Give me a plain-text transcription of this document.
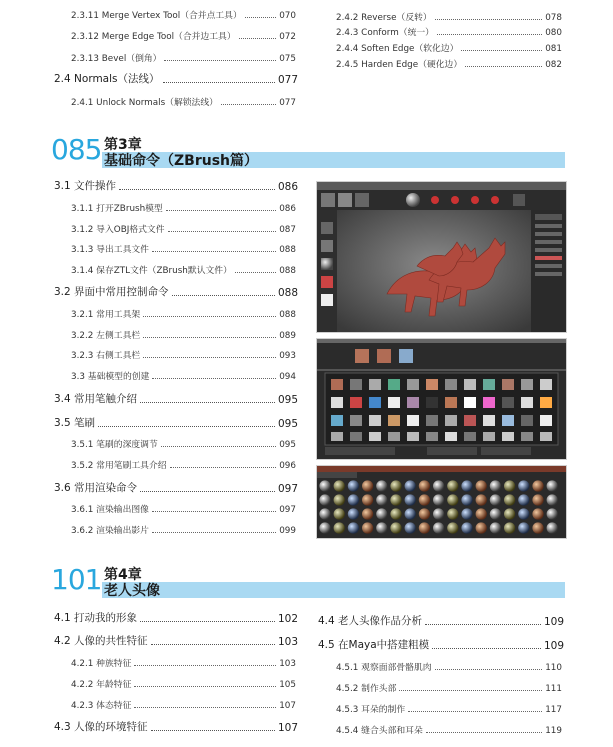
2.3.11 Merge Vertex Tool（合并点工具）	070
2.3.12 Merge Edge Tool（合并边工具）	072
2.3.13 Bevel（倒角）	075
2.4 Normals（法线）	077
2.4.1 Unlock Normals（解锁法线）	077
2.4.2 Reverse（反转）	078
2.4.3 Conform（统一）	080
2.4.4 Soften Edge（软化边）	081
2.4.5 Harden Edge（硬化边）	082
085 第3章
基础命令（ZBrush篇）
3.1 文件操作	086
3.1.1 打开ZBrush模型	086
3.1.2 导入OBJ格式文件	087
3.1.3 导出工具文件	088
3.1.4 保存ZTL文件（ZBrush默认文件）	088
3.2 界面中常用控制命令	088
3.2.1 常用工具架	088
3.2.2 左侧工具栏	089
3.2.3 右侧工具栏	093
3.3 基础模型的创建	094
3.4 常用笔触介绍	095
3.5 笔刷	095
3.5.1 笔刷的深度调节	095
3.5.2 常用笔刷工具介绍	096
3.6 常用渲染命令	097
3.6.1 渲染输出图像	097
3.6.2 渲染输出影片	099
101 第4章
老人头像
4.1 打动我的形象	102
4.2 人像的共性特征	103
4.2.1 种族特征	103
4.2.2 年龄特征	105
4.2.3 体态特征	107
4.3 人像的环境特征	107
4.4 老人头像作品分析	109
4.5 在Maya中搭建粗模	109
4.5.1 观察面部骨骼肌肉	110
4.5.2 制作头部	111
4.5.3 耳朵的制作	117
4.5.4 缝合头部和耳朵	119
